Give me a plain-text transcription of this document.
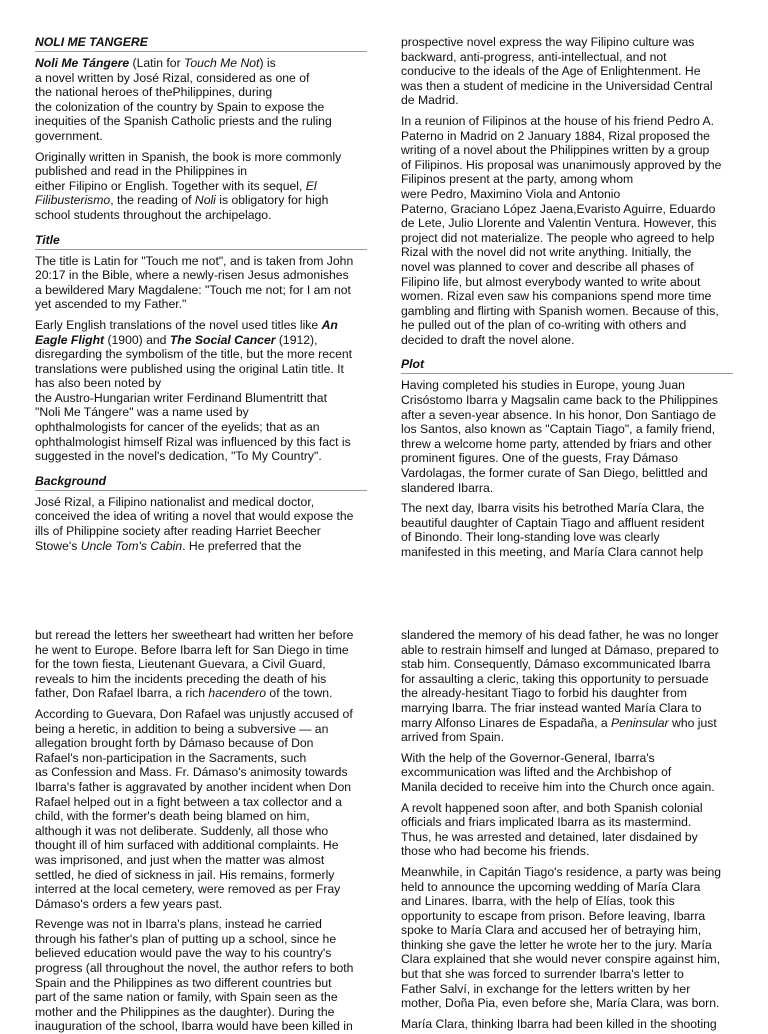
NOLI ME TANGERE

Noli Me Tángere (Latin for Touch Me Not) is
a novel written by José Rizal, considered as one of
the national heroes of thePhilippines, during
the colonization of the country by Spain to expose the
inequities of the Spanish Catholic priests and the ruling
government.

Originally written in Spanish, the book is more commonly
published and read in the Philippines in
either Filipino or English. Together with its sequel, El
Filibusterismo, the reading of Noli is obligatory for high
school students throughout the archipelago.

Title

The title is Latin for "Touch me not", and is taken from John
20:17 in the Bible, where a newly-risen Jesus admonishes
a bewildered Mary Magdalene: "Touch me not; for I am not
yet ascended to my Father."

Early English translations of the novel used titles like An
Eagle Flight (1900) and The Social Cancer (1912),
disregarding the symbolism of the title, but the more recent
translations were published using the original Latin title. It
has also been noted by
the Austro-Hungarian writer Ferdinand Blumentritt that
"Noli Me Tángere" was a name used by
ophthalmologists for cancer of the eyelids; that as an
ophthalmologist himself Rizal was influenced by this fact is
suggested in the novel's dedication, "To My Country".

Background

José Rizal, a Filipino nationalist and medical doctor,
conceived the idea of writing a novel that would expose the
ills of Philippine society after reading Harriet Beecher
Stowe's Uncle Tom's Cabin. He preferred that the

prospective novel express the way Filipino culture was
backward, anti-progress, anti-intellectual, and not
conducive to the ideals of the Age of Enlightenment. He
was then a student of medicine in the Universidad Central
de Madrid.

In a reunion of Filipinos at the house of his friend Pedro A.
Paterno in Madrid on 2 January 1884, Rizal proposed the
writing of a novel about the Philippines written by a group
of Filipinos. His proposal was unanimously approved by the
Filipinos present at the party, among whom
were Pedro, Maximino Viola and Antonio
Paterno, Graciano López Jaena,Evaristo Aguirre, Eduardo
de Lete, Julio Llorente and Valentin Ventura. However, this
project did not materialize. The people who agreed to help
Rizal with the novel did not write anything. Initially, the
novel was planned to cover and describe all phases of
Filipino life, but almost everybody wanted to write about
women. Rizal even saw his companions spend more time
gambling and flirting with Spanish women. Because of this,
he pulled out of the plan of co-writing with others and
decided to draft the novel alone.

Plot

Having completed his studies in Europe, young Juan
Crisóstomo Ibarra y Magsalin came back to the Philippines
after a seven-year absence. In his honor, Don Santiago de
los Santos, also known as "Captain Tiago", a family friend,
threw a welcome home party, attended by friars and other
prominent figures. One of the guests, Fray Dámaso
Vardolagas, the former curate of San Diego, belittled and
slandered Ibarra.

The next day, Ibarra visits his betrothed María Clara, the
beautiful daughter of Captain Tiago and affluent resident
of Binondo. Their long-standing love was clearly
manifested in this meeting, and María Clara cannot help

but reread the letters her sweetheart had written her before
he went to Europe. Before Ibarra left for San Diego in time
for the town fiesta, Lieutenant Guevara, a Civil Guard,
reveals to him the incidents preceding the death of his
father, Don Rafael Ibarra, a rich hacendero of the town.

According to Guevara, Don Rafael was unjustly accused of
being a heretic, in addition to being a subversive — an
allegation brought forth by Dámaso because of Don
Rafael's non-participation in the Sacraments, such
as Confession and Mass. Fr. Dámaso's animosity towards
Ibarra's father is aggravated by another incident when Don
Rafael helped out in a fight between a tax collector and a
child, with the former's death being blamed on him,
although it was not deliberate. Suddenly, all those who
thought ill of him surfaced with additional complaints. He
was imprisoned, and just when the matter was almost
settled, he died of sickness in jail. His remains, formerly
interred at the local cemetery, were removed as per Fray
Dámaso's orders a few years past.

Revenge was not in Ibarra's plans, instead he carried
through his father's plan of putting up a school, since he
believed education would pave the way to his country's
progress (all throughout the novel, the author refers to both
Spain and the Philippines as two different countries but
part of the same nation or family, with Spain seen as the
mother and the Philippines as the daughter). During the
inauguration of the school, Ibarra would have been killed in

slandered the memory of his dead father, he was no longer
able to restrain himself and lunged at Dámaso, prepared to
stab him. Consequently, Dámaso excommunicated Ibarra
for assaulting a cleric, taking this opportunity to persuade
the already-hesitant Tiago to forbid his daughter from
marrying Ibarra. The friar instead wanted María Clara to
marry Alfonso Linares de Espadaña, a Peninsular who just
arrived from Spain.

With the help of the Governor-General, Ibarra's
excommunication was lifted and the Archbishop of
Manila decided to receive him into the Church once again.

A revolt happened soon after, and both Spanish colonial
officials and friars implicated Ibarra as its mastermind.
Thus, he was arrested and detained, later disdained by
those who had become his friends.

Meanwhile, in Capitán Tiago's residence, a party was being
held to announce the upcoming wedding of María Clara
and Linares. Ibarra, with the help of Elías, took this
opportunity to escape from prison. Before leaving, Ibarra
spoke to María Clara and accused her of betraying him,
thinking she gave the letter he wrote her to the jury. María
Clara explained that she would never conspire against him,
but that she was forced to surrender Ibarra's letter to
Father Salví, in exchange for the letters written by her
mother, Doña Pia, even before she, María Clara, was born.

María Clara, thinking Ibarra had been killed in the shooting
